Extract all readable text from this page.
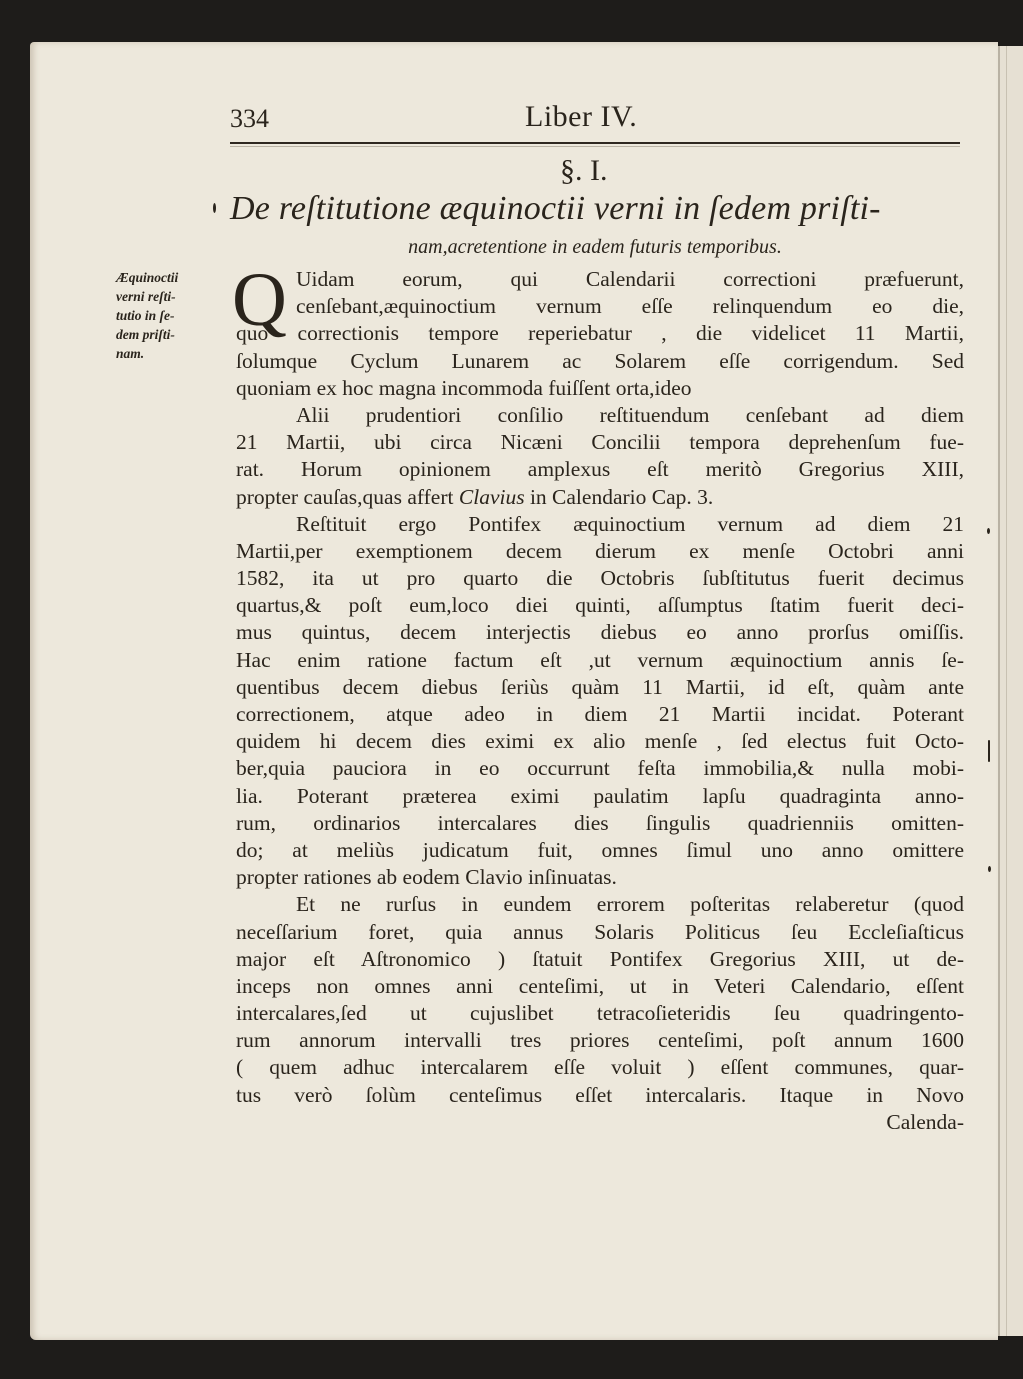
334	Liber IV.
§. I.
De reſtitutione æquinoctii verni in ſedem priſti-
nam,acretentione in eadem futuris temporibus.
Æquinoctii
verni reſti-
tutio in ſe-
dem priſti-
nam.
Q Uidam eorum, qui Calendarii correctioni præfuerunt,
cenſebant,æquinoctium vernum eſſe relinquendum eo die,
quo correctionis tempore reperiebatur , die videlicet 11 Martii,
ſolumque Cyclum Lunarem ac Solarem eſſe corrigendum. Sed
quoniam ex hoc magna incommoda fuiſſent orta,ideo
Alii prudentiori conſilio reſtituendum cenſebant ad diem
21 Martii, ubi circa Nicæni Concilii tempora deprehenſum fue-
rat. Horum opinionem amplexus eſt meritò Gregorius XIII,
propter cauſas,quas affert Clavius in Calendario Cap. 3.
Reſtituit ergo Pontifex æquinoctium vernum ad diem 21
Martii,per exemptionem decem dierum ex menſe Octobri anni
1582, ita ut pro quarto die Octobris ſubſtitutus fuerit decimus
quartus,& poſt eum,loco diei quinti, aſſumptus ſtatim fuerit deci-
mus quintus, decem interjectis diebus eo anno prorſus omiſſis.
Hac enim ratione factum eſt ,ut vernum æquinoctium annis ſe-
quentibus decem diebus ſeriùs quàm 11 Martii, id eſt, quàm ante
correctionem, atque adeo in diem 21 Martii incidat. Poterant
quidem hi decem dies eximi ex alio menſe , ſed electus fuit Octo-
ber,quia pauciora in eo occurrunt feſta immobilia,& nulla mobi-
lia. Poterant præterea eximi paulatim lapſu quadraginta anno-
rum, ordinarios intercalares dies ſingulis quadrienniis omitten-
do; at meliùs judicatum fuit, omnes ſimul uno anno omittere
propter rationes ab eodem Clavio inſinuatas.
Et ne rurſus in eundem errorem poſteritas relaberetur (quod
neceſſarium foret, quia annus Solaris Politicus ſeu Eccleſiaſticus
major eſt Aſtronomico ) ſtatuit Pontifex Gregorius XIII, ut de-
inceps non omnes anni centeſimi, ut in Veteri Calendario, eſſent
intercalares,ſed ut cujuslibet tetracoſieteridis ſeu quadringento-
rum annorum intervalli tres priores centeſimi, poſt annum 1600
( quem adhuc intercalarem eſſe voluit ) eſſent communes, quar-
tus verò ſolùm centeſimus eſſet intercalaris. Itaque in Novo
Calenda-
